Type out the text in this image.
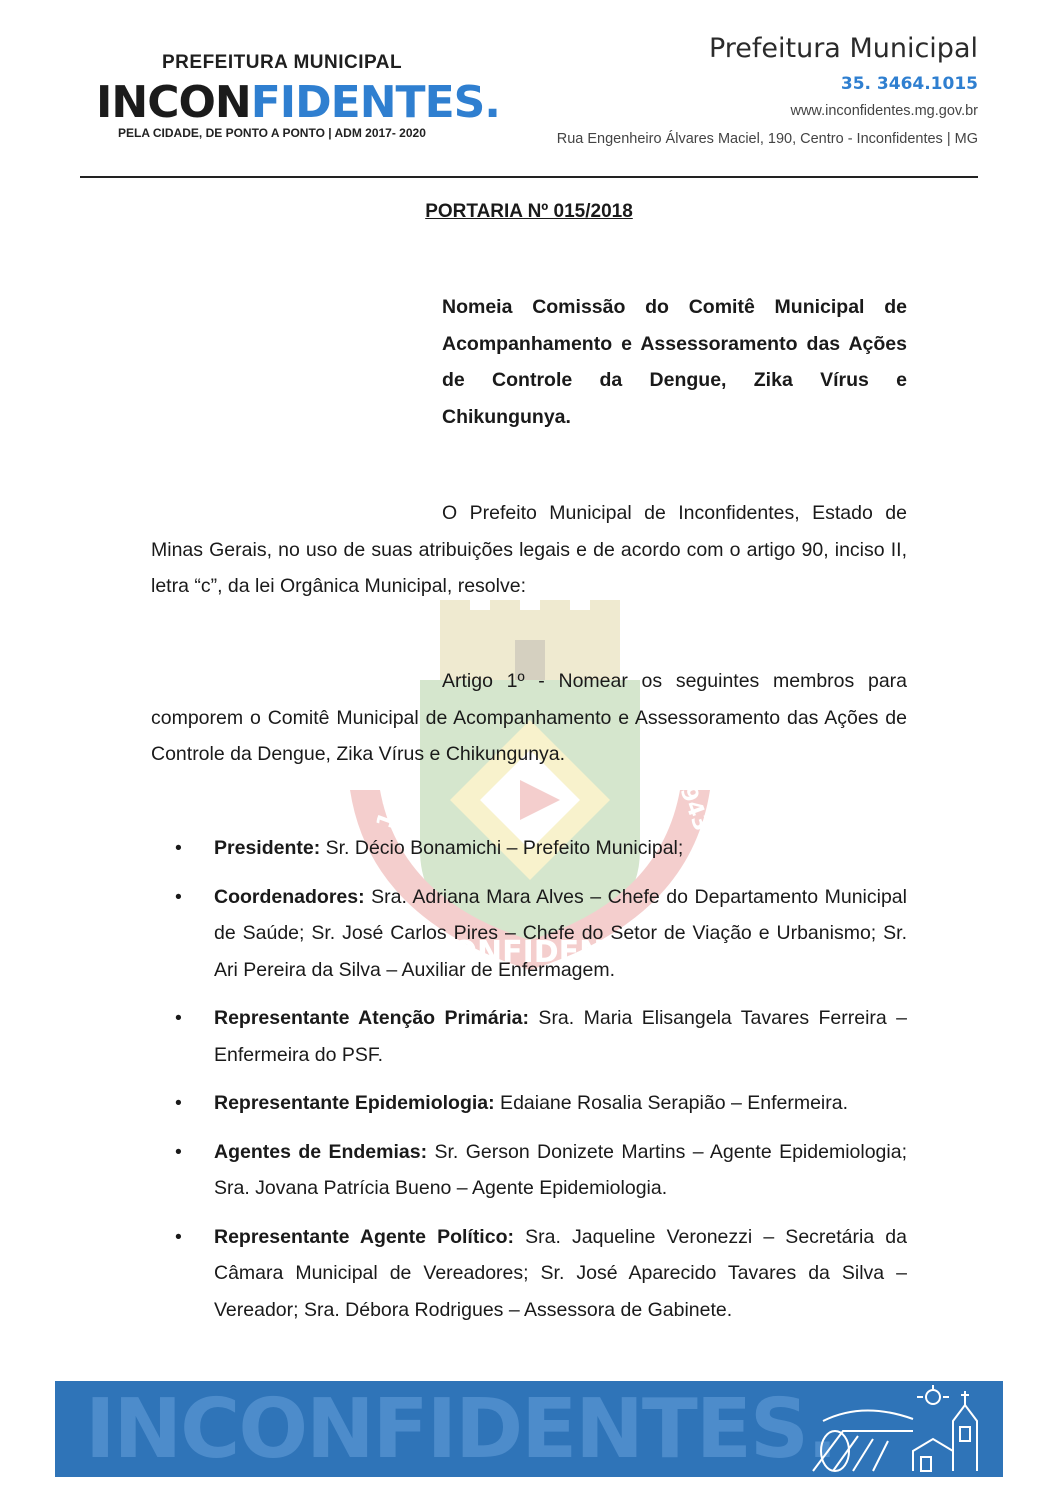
PREFEITURA MUNICIPAL
INCONFIDENTES.
PELA CIDADE, DE PONTO A PONTO | ADM 2017- 2020
Prefeitura Municipal
35. 3464.1015
www.inconfidentes.mg.gov.br
Rua Engenheiro Álvares Maciel, 190, Centro - Inconfidentes | MG
140	1943
INCONFIDENTES
PORTARIA Nº 015/2018
Nomeia Comissão do Comitê Municipal de Acompanhamento e Assessoramento das Ações de Controle da Dengue, Zika Vírus e Chikungunya.
O Prefeito Municipal de Inconfidentes, Estado de Minas Gerais, no uso de suas atribuições legais e de acordo com o artigo 90, inciso II, letra “c”, da lei Orgânica Municipal, resolve:
Artigo 1º - Nomear os seguintes membros para comporem o Comitê Municipal de Acompanhamento e Assessoramento das Ações de Controle da Dengue, Zika Vírus e Chikungunya.
• Presidente: Sr. Décio Bonamichi – Prefeito Municipal;
• Coordenadores: Sra. Adriana Mara Alves – Chefe do Departamento Municipal de Saúde; Sr. José Carlos Pires – Chefe do Setor de Viação e Urbanismo; Sr. Ari Pereira da Silva – Auxiliar de Enfermagem.
• Representante Atenção Primária: Sra. Maria Elisangela Tavares Ferreira – Enfermeira do PSF.
• Representante Epidemiologia: Edaiane Rosalia Serapião – Enfermeira.
• Agentes de Endemias: Sr. Gerson Donizete Martins – Agente Epidemiologia; Sra. Jovana Patrícia Bueno – Agente Epidemiologia.
• Representante Agente Político: Sra. Jaqueline Veronezzi – Secretária da Câmara Municipal de Vereadores; Sr. José Aparecido Tavares da Silva – Vereador; Sra. Débora Rodrigues – Assessora de Gabinete.
INCONFIDENTES.
